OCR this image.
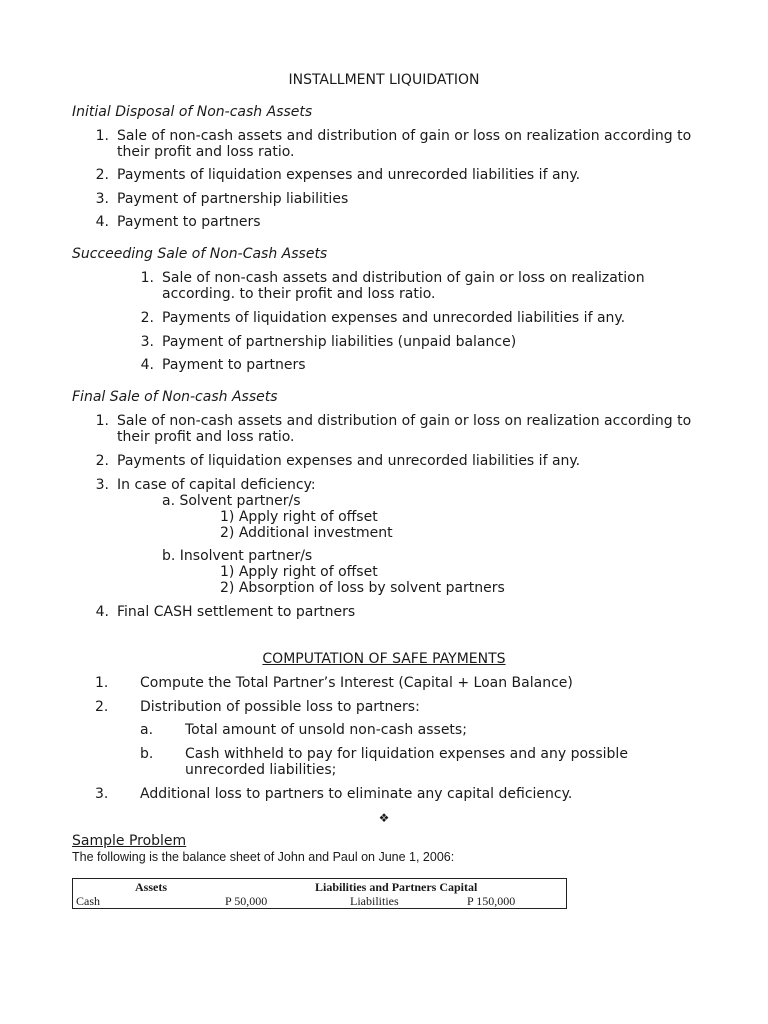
INSTALLMENT LIQUIDATION
Initial Disposal of Non-cash Assets
1. Sale of non-cash assets and distribution of gain or loss on realization according to
their profit and loss ratio.
2. Payments of liquidation expenses and unrecorded liabilities if any.
3. Payment of partnership liabilities
4. Payment to partners
Succeeding Sale of Non-Cash Assets
1. Sale of non-cash assets and distribution of gain or loss on realization
according. to their profit and loss ratio.
2. Payments of liquidation expenses and unrecorded liabilities if any.
3. Payment of partnership liabilities (unpaid balance)
4. Payment to partners
Final Sale of Non-cash Assets
1. Sale of non-cash assets and distribution of gain or loss on realization according to
their profit and loss ratio.
2. Payments of liquidation expenses and unrecorded liabilities if any.
3. In case of capital deficiency:
a. Solvent partner/s
1) Apply right of offset
2) Additional investment
b. Insolvent partner/s
1) Apply right of offset
2) Absorption of loss by solvent partners
4. Final CASH settlement to partners
COMPUTATION OF SAFE PAYMENTS
1. Compute the Total Partner’s Interest (Capital + Loan Balance)
2. Distribution of possible loss to partners:
a. Total amount of unsold non-cash assets;
b. Cash withheld to pay for liquidation expenses and any possible
unrecorded liabilities;
3. Additional loss to partners to eliminate any capital deficiency.
❖
Sample Problem
The following is the balance sheet of John and Paul on June 1, 2006:
Assets	Liabilities and Partners Capital
Cash	P 50,000	Liabilities	P 150,000
